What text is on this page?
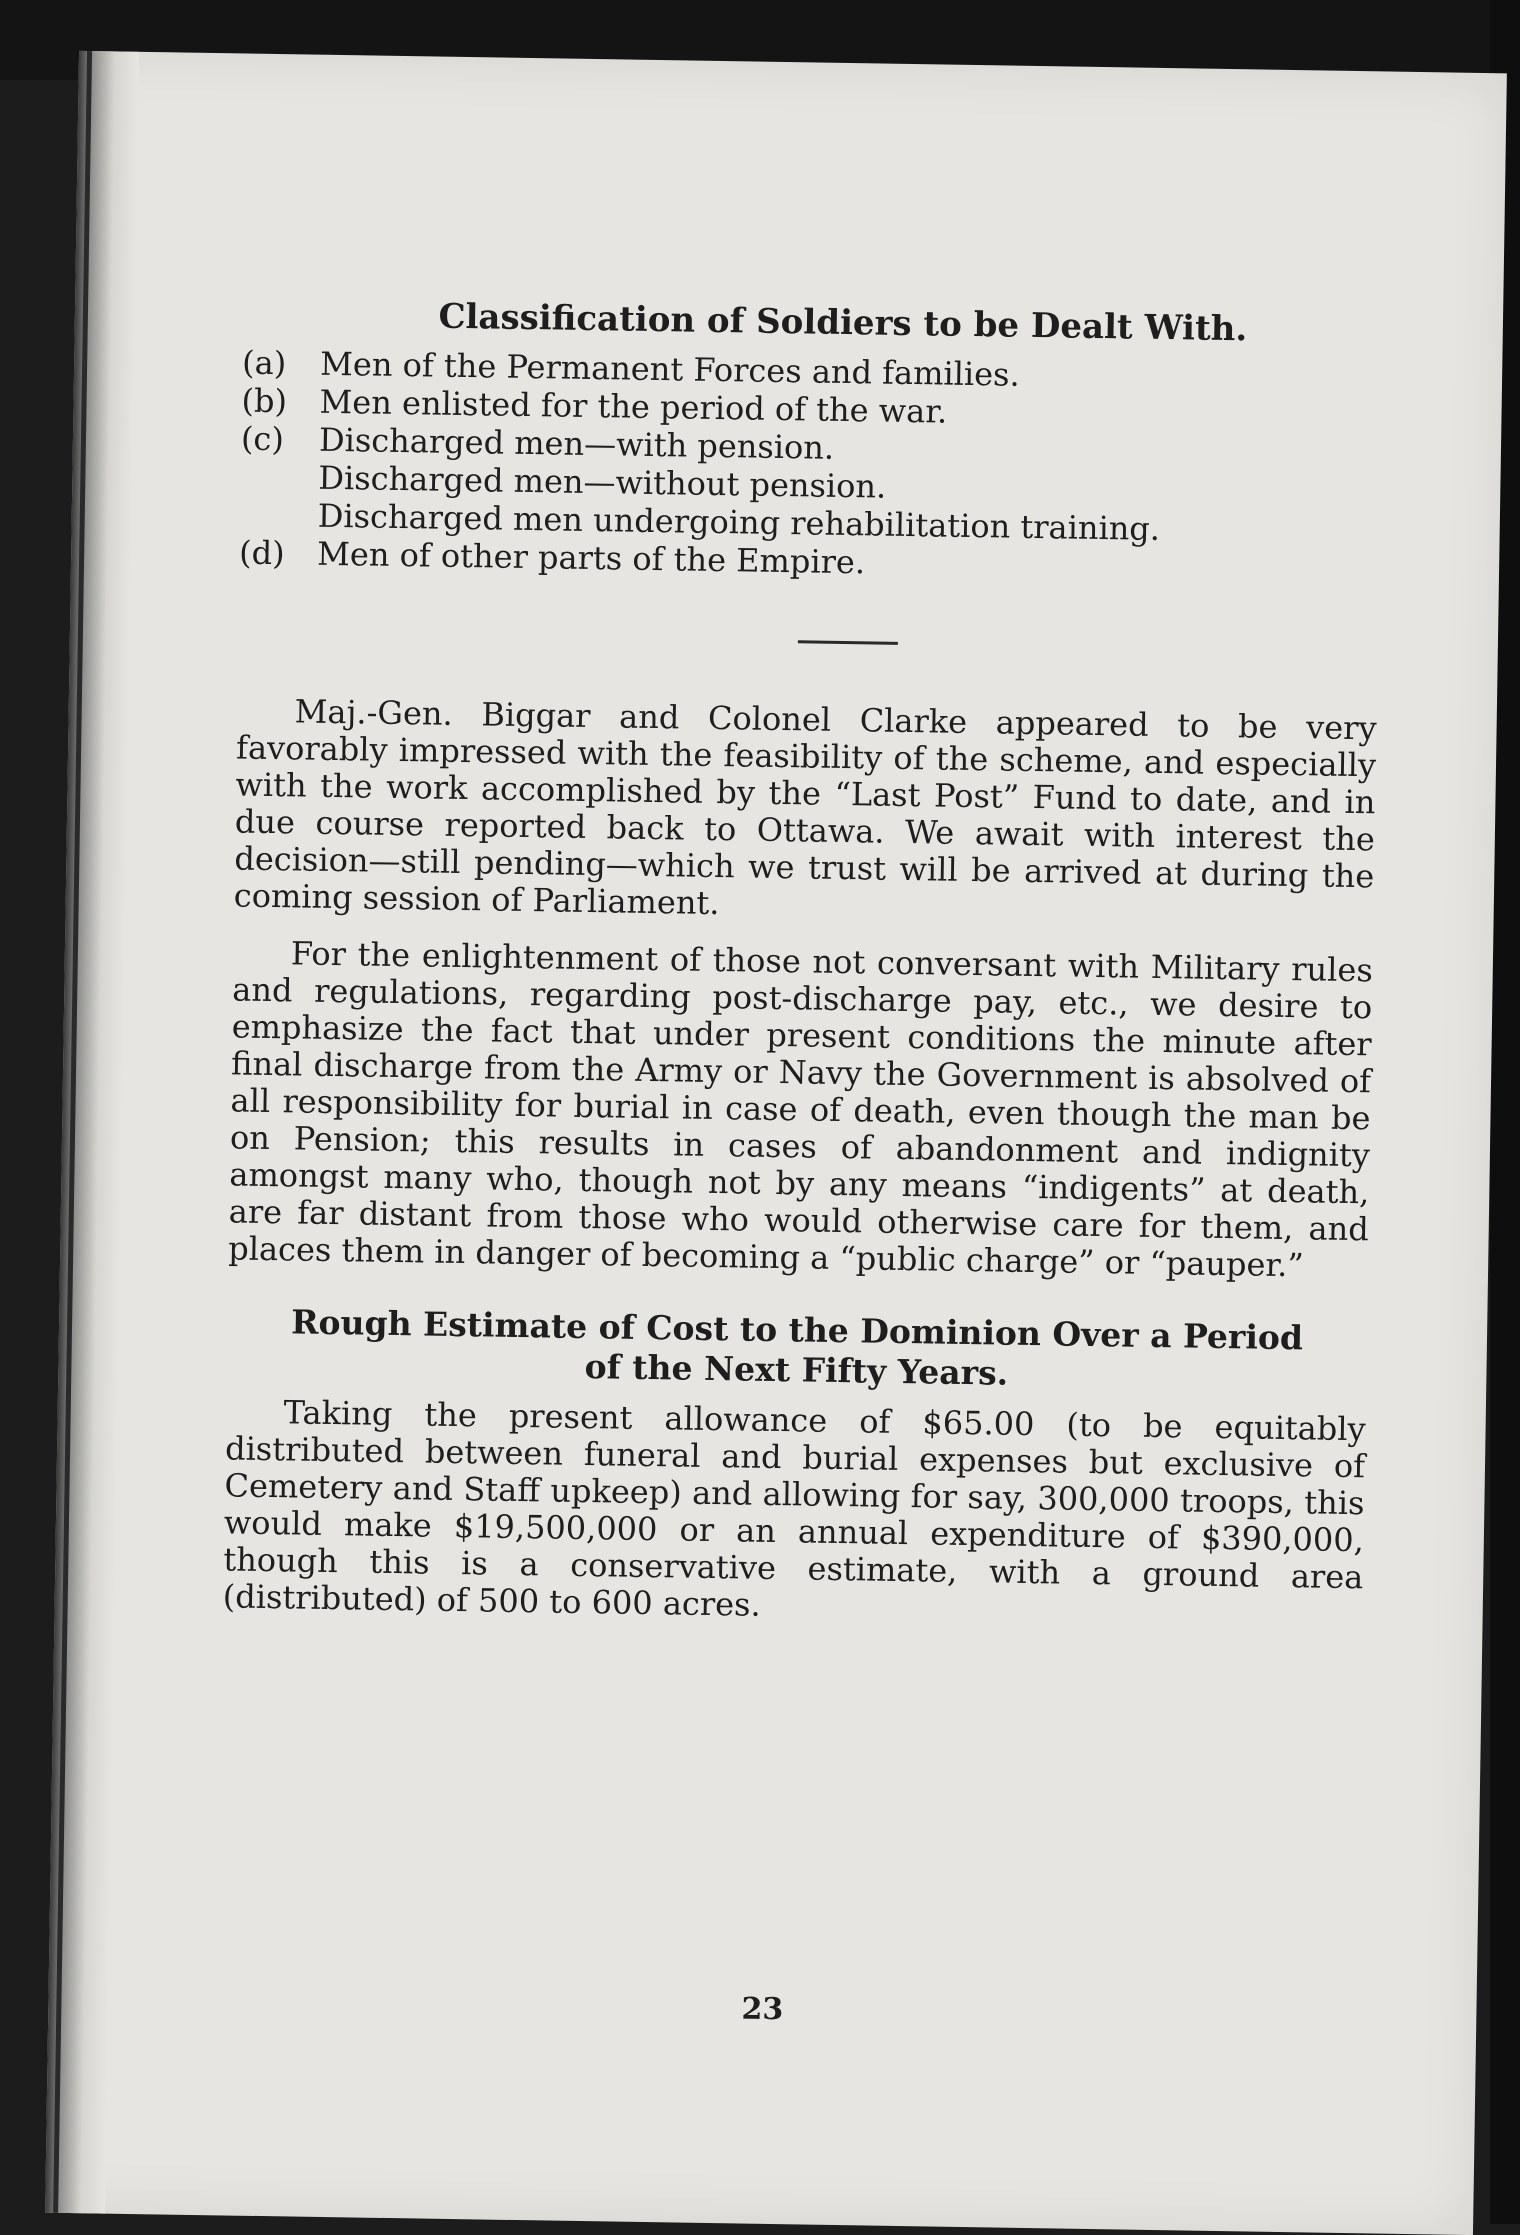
Classification of Soldiers to be Dealt With.
(a)	Men of the Permanent Forces and families.
(b) Men enlisted for the period of the war.
(c)	Discharged men—with pension.
Discharged men—without pension.
Discharged men undergoing rehabilitation training.
(d) Men of other parts of the Empire.

Maj.-Gen. Biggar and Colonel Clarke appeared to be very favorably impressed with the feasibility of the scheme, and especially with the work accomplished by the “Last Post” Fund to date, and in due course reported back to Ottawa. We await with interest the decision—still pending—which we trust will be arrived at during the coming session of Parliament.

For the enlightenment of those not conversant with Military rules and regulations, regarding post-discharge pay, etc., we desire to emphasize the fact that under present conditions the minute after final discharge from the Army or Navy the Government is absolved of all responsibility for burial in case of death, even though the man be on Pension; this results in cases of abandonment and indignity amongst many who, though not by any means “indigents” at death, are far distant from those who would otherwise care for them, and places them in danger of becoming a “public charge” or “pauper.”

Rough Estimate of Cost to the Dominion Over a Period
of the Next Fifty Years.

Taking the present allowance of $65.00 (to be equitably distributed between funeral and burial expenses but exclusive of Cemetery and Staff upkeep) and allowing for say, 300,000 troops, this would make $19,500,000 or an annual expenditure of $390,000, though this is a conservative estimate, with a ground area (distributed) of 500 to 600 acres.

23
